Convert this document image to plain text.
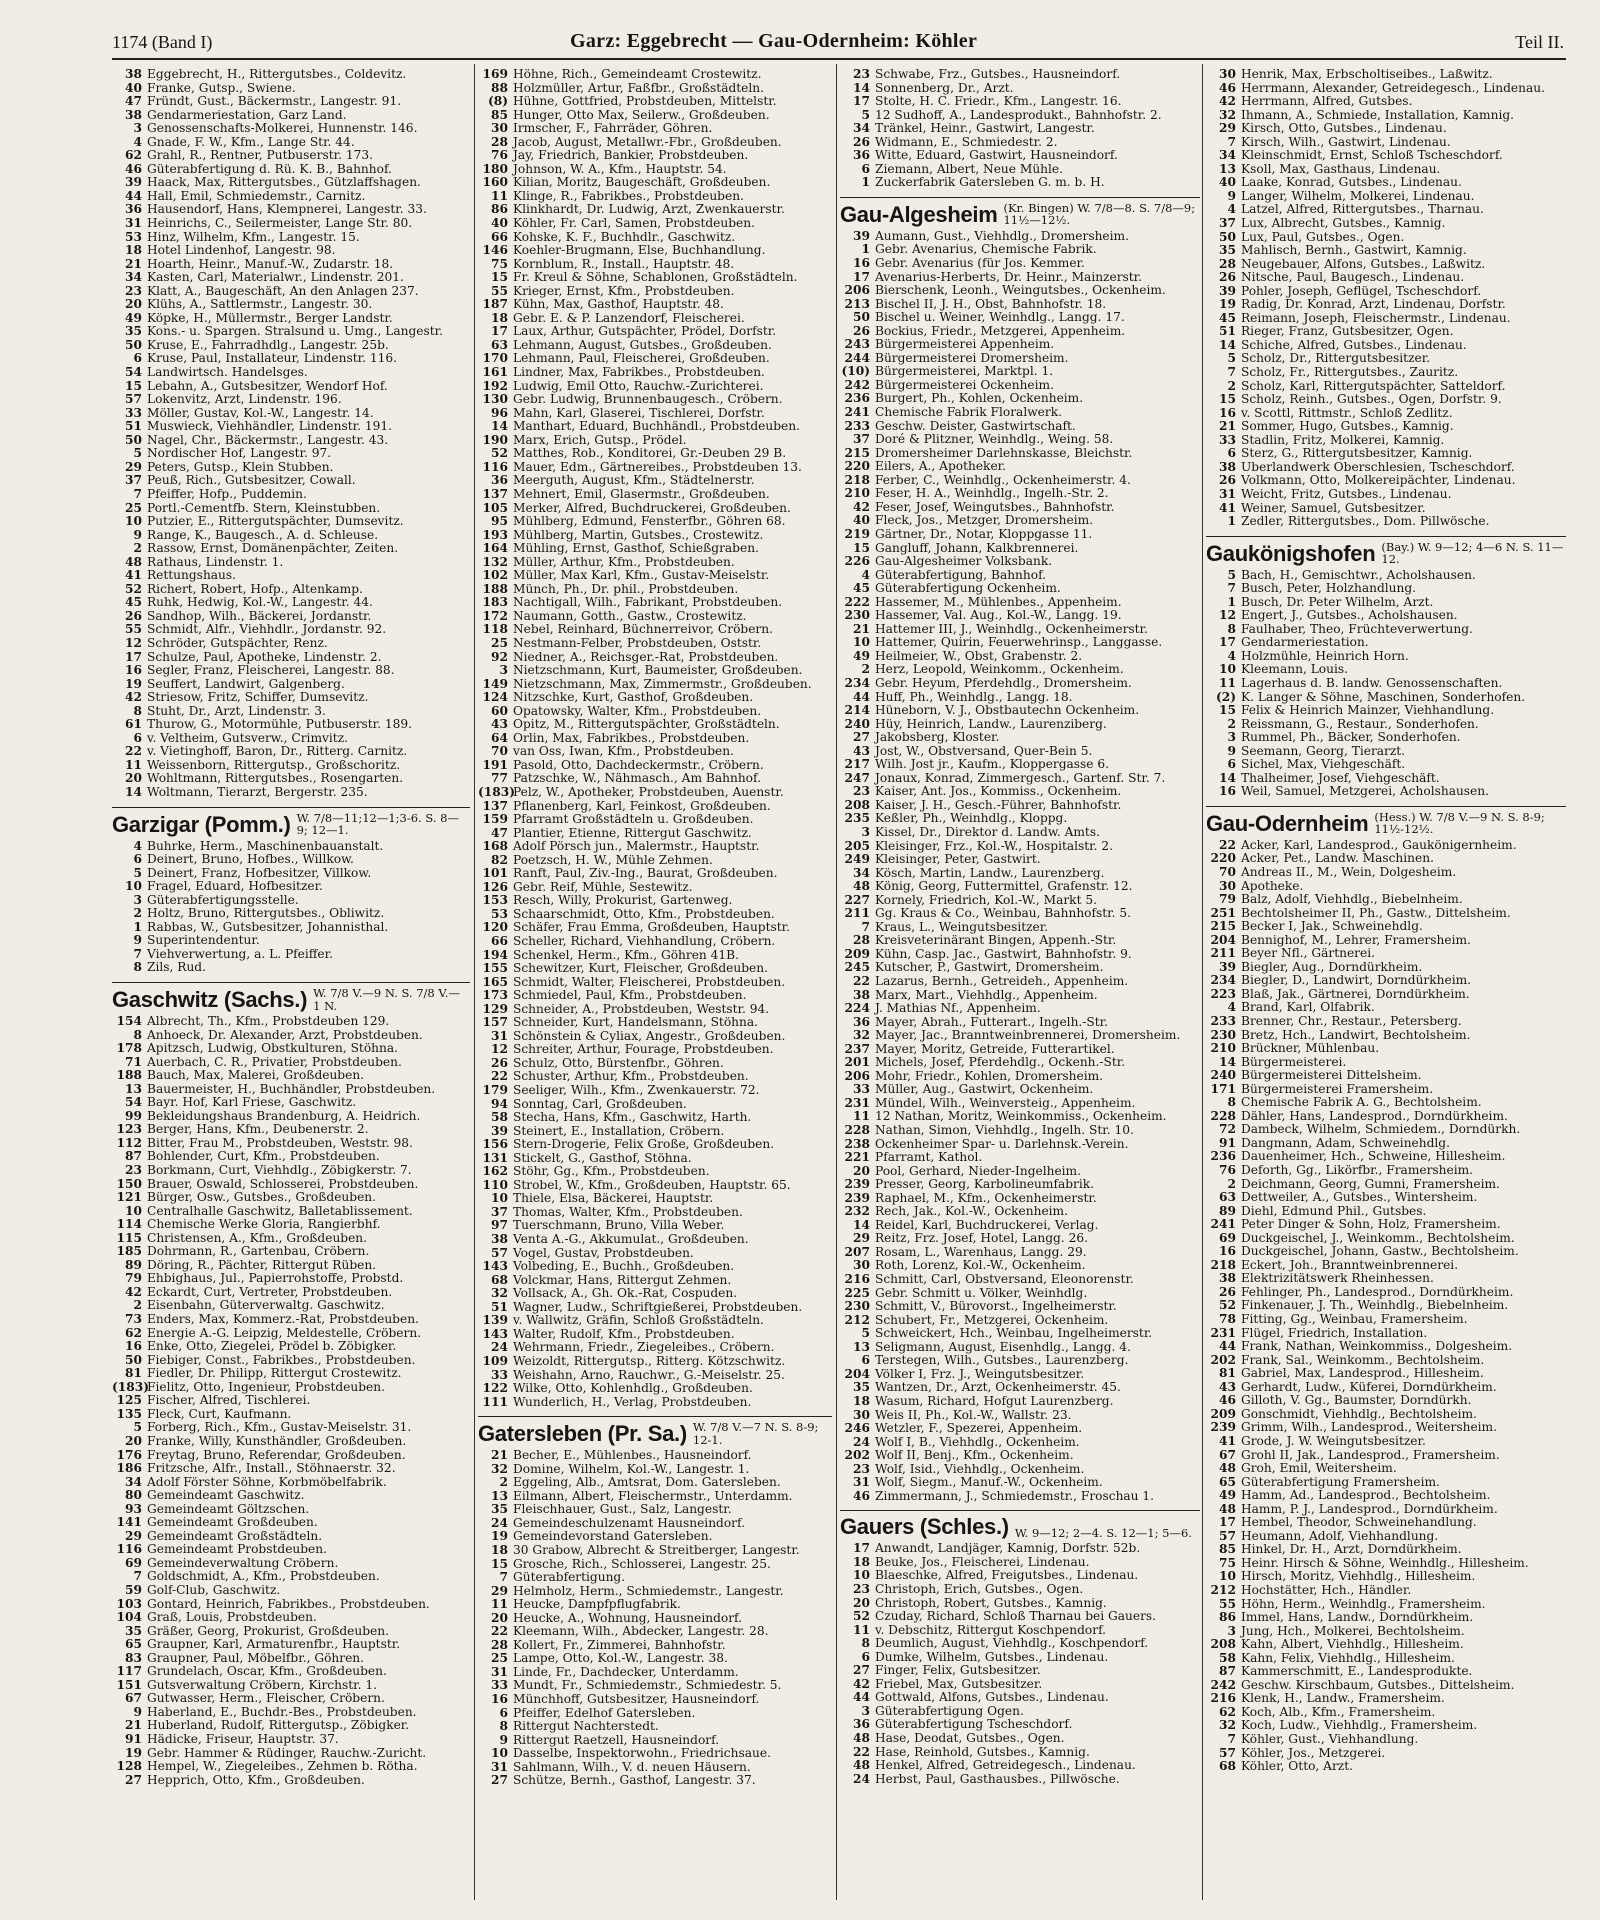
1174 (Band I)	Garz: Eggebrecht — Gau-Odernheim: Köhler	Teil II.
38 Eggebrecht, H., Rittergutsbes., Coldevitz.
40 Franke, Gutsp., Swiene.
47 Fründt, Gust., Bäckermstr., Langestr. 91.
38 Gendarmeriestation, Garz Land.
3 Genossenschafts-Molkerei, Hunnenstr. 146.
4 Gnade, F. W., Kfm., Lange Str. 44.
62 Grahl, R., Rentner, Putbuserstr. 173.
46 Güterabfertigung d. Rü. K. B., Bahnhof.
39 Haack, Max, Rittergutsbes., Gützlaffshagen.
44 Hall, Emil, Schmiedemstr., Carnitz.
36 Hausendorf, Hans, Klempnerei, Langestr. 33.
31 Heinrichs, C., Seilermeister, Lange Str. 80.
53 Hinz, Wilhelm, Kfm., Langestr. 15.
18 Hotel Lindenhof, Langestr. 98.
21 Hoarth, Heinr., Manuf.-W., Zudarstr. 18.
34 Kasten, Carl, Materialwr., Lindenstr. 201.
23 Klatt, A., Baugeschäft, An den Anlagen 237.
20 Klühs, A., Sattlermstr., Langestr. 30.
49 Köpke, H., Müllermstr., Berger Landstr.
35 Kons.- u. Spargen. Stralsund u. Umg., Langestr.
50 Kruse, E., Fahrradhdlg., Langestr. 25b.
6 Kruse, Paul, Installateur, Lindenstr. 116.
54 Landwirtsch. Handelsges.
15 Lebahn, A., Gutsbesitzer, Wendorf Hof.
57 Lokenvitz, Arzt, Lindenstr. 196.
33 Möller, Gustav, Kol.-W., Langestr. 14.
51 Muswieck, Viehhändler, Lindenstr. 191.
50 Nagel, Chr., Bäckermstr., Langestr. 43.
5 Nordischer Hof, Langestr. 97.
29 Peters, Gutsp., Klein Stubben.
37 Peuß, Rich., Gutsbesitzer, Cowall.
7 Pfeiffer, Hofp., Puddemin.
25 Portl.-Cementfb. Stern, Kleinstubben.
10 Putzier, E., Rittergutspächter, Dumsevitz.
9 Range, K., Baugesch., A. d. Schleuse.
2 Rassow, Ernst, Domänenpächter, Zeiten.
48 Rathaus, Lindenstr. 1.
41 Rettungshaus.
52 Richert, Robert, Hofp., Altenkamp.
45 Ruhk, Hedwig, Kol.-W., Langestr. 44.
26 Sandhop, Wilh., Bäckerei, Jordanstr.
55 Schmidt, Alfr., Viehhdlr., Jordanstr. 92.
12 Schröder, Gutspächter, Renz.
17 Schulze, Paul, Apotheke, Lindenstr. 2.
16 Segler, Franz, Fleischerei, Langestr. 88.
19 Seuffert, Landwirt, Galgenberg.
42 Striesow, Fritz, Schiffer, Dumsevitz.
8 Stuht, Dr., Arzt, Lindenstr. 3.
61 Thurow, G., Motormühle, Putbuserstr. 189.
6 v. Veltheim, Gutsverw., Crimvitz.
22 v. Vietinghoff, Baron, Dr., Ritterg. Carnitz.
11 Weissenborn, Rittergutsp., Großschoritz.
20 Wohltmann, Rittergutsbes., Rosengarten.
14 Woltmann, Tierarzt, Bergerstr. 235.
Garzigar (Pomm.) W. 7/8—11;12—1;3-6. S. 8—9; 12—1.
4 Buhrke, Herm., Maschinenbauanstalt.
6 Deinert, Bruno, Hofbes., Willkow.
5 Deinert, Franz, Hofbesitzer, Villkow.
10 Fragel, Eduard, Hofbesitzer.
3 Güterabfertigungsstelle.
2 Holtz, Bruno, Rittergutsbes., Obliwitz.
1 Rabbas, W., Gutsbesitzer, Johannisthal.
9 Superintendentur.
7 Viehverwertung, a. L. Pfeiffer.
8 Zils, Rud.
Gaschwitz (Sachs.) W. 7/8 V.—9 N. S. 7/8 V.— 1 N.
154 Albrecht, Th., Kfm., Probstdeuben 129.
8 Anhoeck, Dr. Alexander, Arzt, Probstdeuben.
178 Apitzsch, Ludwig, Obstkulturen, Stöhna.
71 Auerbach, C. R., Privatier, Probstdeuben.
188 Bauch, Max, Malerei, Großdeuben.
13 Bauermeister, H., Buchhändler, Probstdeuben.
54 Bayr. Hof, Karl Friese, Gaschwitz.
99 Bekleidungshaus Brandenburg, A. Heidrich.
123 Berger, Hans, Kfm., Deubenerstr. 2.
112 Bitter, Frau M., Probstdeuben, Weststr. 98.
87 Bohlender, Curt, Kfm., Probstdeuben.
23 Borkmann, Curt, Viehhdlg., Zöbigkerstr. 7.
150 Brauer, Oswald, Schlosserei, Probstdeuben.
121 Bürger, Osw., Gutsbes., Großdeuben.
10 Centralhalle Gaschwitz, Balletablissement.
114 Chemische Werke Gloria, Rangierbhf.
115 Christensen, A., Kfm., Großdeuben.
185 Dohrmann, R., Gartenbau, Cröbern.
89 Döring, R., Pächter, Rittergut Rüben.
79 Ehbighaus, Jul., Papierrohstoffe, Probstd.
42 Eckardt, Curt, Vertreter, Probstdeuben.
2 Eisenbahn, Güterverwaltg. Gaschwitz.
73 Enders, Max, Kommerz.-Rat, Probstdeuben.
62 Energie A.-G. Leipzig, Meldestelle, Cröbern.
16 Enke, Otto, Ziegelei, Prödel b. Zöbigker.
50 Fiebiger, Const., Fabrikbes., Probstdeuben.
81 Fiedler, Dr. Philipp, Rittergut Crostewitz.
(183)Fielitz, Otto, Ingenieur, Probstdeuben.
125 Fischer, Alfred, Tischlerei.
135 Fleck, Curt, Kaufmann.
5 Forberg, Rich., Kfm., Gustav-Meiselstr. 31.
20 Franke, Willy, Kunsthändler, Großdeuben.
176 Freytag, Bruno, Referendar, Großdeuben.
186 Fritzsche, Alfr., Install., Stöhnaerstr. 32.
34 Adolf Förster Söhne, Korbmöbelfabrik.
80 Gemeindeamt Gaschwitz.
93 Gemeindeamt Göltzschen.
141 Gemeindeamt Großdeuben.
29 Gemeindeamt Großstädteln.
116 Gemeindeamt Probstdeuben.
69 Gemeindeverwaltung Cröbern.
7 Goldschmidt, A., Kfm., Probstdeuben.
59 Golf-Club, Gaschwitz.
103 Gontard, Heinrich, Fabrikbes., Probstdeuben.
104 Graß, Louis, Probstdeuben.
35 Gräßer, Georg, Prokurist, Großdeuben.
65 Graupner, Karl, Armaturenfbr., Hauptstr.
83 Graupner, Paul, Möbelfbr., Göhren.
117 Grundelach, Oscar, Kfm., Großdeuben.
151 Gutsverwaltung Cröbern, Kirchstr. 1.
67 Gutwasser, Herm., Fleischer, Cröbern.
9 Haberland, E., Buchdr.-Bes., Probstdeuben.
21 Huberland, Rudolf, Rittergutsp., Zöbigker.
91 Hädicke, Friseur, Hauptstr. 37.
19 Gebr. Hammer & Rüdinger, Rauchw.-Zuricht.
128 Hempel, W., Ziegeleibes., Zehmen b. Rötha.
27 Hepprich, Otto, Kfm., Großdeuben.
169 Höhne, Rich., Gemeindeamt Crostewitz.
88 Holzmüller, Artur, Faßfbr., Großstädteln.
(8) Hühne, Gottfried, Probstdeuben, Mittelstr.
85 Hunger, Otto Max, Seilerw., Großdeuben.
30 Irmscher, F., Fahrräder, Göhren.
28 Jacob, August, Metallwr.-Fbr., Großdeuben.
76 Jay, Friedrich, Bankier, Probstdeuben.
180 Johnson, W. A., Kfm., Hauptstr. 54.
160 Kilian, Moritz, Baugeschäft, Großdeuben.
11 Klinge, R., Fabrikbes., Probstdeuben.
86 Klinkhardt, Dr. Ludwig, Arzt, Zwenkauerstr.
40 Köhler, Fr. Carl, Samen, Probstdeuben.
66 Kohske, K. F., Buchhdlr., Gaschwitz.
146 Koehler-Brugmann, Else, Buchhandlung.
75 Kornblum, R., Install., Hauptstr. 48.
15 Fr. Kreul & Söhne, Schablonen, Großstädteln.
55 Krieger, Ernst, Kfm., Probstdeuben.
187 Kühn, Max, Gasthof, Hauptstr. 48.
18 Gebr. E. & P. Lanzendorf, Fleischerei.
17 Laux, Arthur, Gutspächter, Prödel, Dorfstr.
63 Lehmann, August, Gutsbes., Großdeuben.
170 Lehmann, Paul, Fleischerei, Großdeuben.
161 Lindner, Max, Fabrikbes., Probstdeuben.
192 Ludwig, Emil Otto, Rauchw.-Zurichterei.
130 Gebr. Ludwig, Brunnenbaugesch., Cröbern.
96 Mahn, Karl, Glaserei, Tischlerei, Dorfstr.
14 Manthart, Eduard, Buchhändl., Probstdeuben.
190 Marx, Erich, Gutsp., Prödel.
52 Matthes, Rob., Konditorei, Gr.-Deuben 29 B.
116 Mauer, Edm., Gärtnereibes., Probstdeuben 13.
36 Meerguth, August, Kfm., Städtelnerstr.
137 Mehnert, Emil, Glasermstr., Großdeuben.
105 Merker, Alfred, Buchdruckerei, Großdeuben.
95 Mühlberg, Edmund, Fensterfbr., Göhren 68.
193 Mühlberg, Martin, Gutsbes., Crostewitz.
164 Mühling, Ernst, Gasthof, Schießgraben.
132 Müller, Arthur, Kfm., Probstdeuben.
102 Müller, Max Karl, Kfm., Gustav-Meiselstr.
188 Münch, Ph., Dr. phil., Probstdeuben.
183 Nachtigall, Wilh., Fabrikant, Probstdeuben.
172 Naumann, Gotth., Gastw., Crostewitz.
118 Nebel, Reinhard, Büchnerreivor, Cröbern.
25 Nestmann-Felber, Probstdeuben, Oststr.
92 Niedner, A., Reichsger.-Rat, Probstdeuben.
3 Nietzschmann, Kurt, Baumeister, Großdeuben.
149 Nietzschmann, Max, Zimmermstr., Großdeuben.
124 Nitzschke, Kurt, Gasthof, Großdeuben.
60 Opatowsky, Walter, Kfm., Probstdeuben.
43 Opitz, M., Rittergutspächter, Großstädteln.
64 Orlin, Max, Fabrikbes., Probstdeuben.
70 van Oss, Iwan, Kfm., Probstdeuben.
191 Pasold, Otto, Dachdeckermstr., Cröbern.
77 Patzschke, W., Nähmasch., Am Bahnhof.
(183)Pelz, W., Apotheker, Probstdeuben, Auenstr.
137 Pflanenberg, Karl, Feinkost, Großdeuben.
159 Pfarramt Großstädteln u. Großdeuben.
47 Plantier, Etienne, Rittergut Gaschwitz.
168 Adolf Pörsch jun., Malermstr., Hauptstr.
82 Poetzsch, H. W., Mühle Zehmen.
101 Ranft, Paul, Ziv.-Ing., Baurat, Großdeuben.
126 Gebr. Reif, Mühle, Sestewitz.
153 Resch, Willy, Prokurist, Gartenweg.
53 Schaarschmidt, Otto, Kfm., Probstdeuben.
120 Schäfer, Frau Emma, Großdeuben, Hauptstr.
66 Scheller, Richard, Viehhandlung, Cröbern.
194 Schenkel, Herm., Kfm., Göhren 41B.
155 Schewitzer, Kurt, Fleischer, Großdeuben.
165 Schmidt, Walter, Fleischerei, Probstdeuben.
173 Schmiedel, Paul, Kfm., Probstdeuben.
129 Schneider, A., Probstdeuben, Weststr. 94.
157 Schneider, Kurt, Handelsmann, Stöhna.
31 Schönstein & Cyliax, Angestr., Großdeuben.
12 Schreiter, Arthur, Fourage, Probstdeuben.
26 Schulz, Otto, Bürstenfbr., Göhren.
22 Schuster, Arthur, Kfm., Probstdeuben.
179 Seeliger, Wilh., Kfm., Zwenkauerstr. 72.
94 Sonntag, Carl, Großdeuben.
58 Stecha, Hans, Kfm., Gaschwitz, Harth.
39 Steinert, E., Installation, Cröbern.
156 Stern-Drogerie, Felix Große, Großdeuben.
131 Stickelt, G., Gasthof, Stöhna.
162 Stöhr, Gg., Kfm., Probstdeuben.
110 Strobel, W., Kfm., Großdeuben, Hauptstr. 65.
10 Thiele, Elsa, Bäckerei, Hauptstr.
37 Thomas, Walter, Kfm., Probstdeuben.
97 Tuerschmann, Bruno, Villa Weber.
38 Venta A.-G., Akkumulat., Großdeuben.
57 Vogel, Gustav, Probstdeuben.
143 Volbeding, E., Buchh., Großdeuben.
68 Volckmar, Hans, Rittergut Zehmen.
32 Vollsack, A., Gh. Ök.-Rat, Cospuden.
51 Wagner, Ludw., Schriftgießerei, Probstdeuben.
139 v. Wallwitz, Gräfin, Schloß Großstädteln.
143 Walter, Rudolf, Kfm., Probstdeuben.
24 Wehrmann, Friedr., Ziegeleibes., Cröbern.
109 Weizoldt, Rittergutsp., Ritterg. Kötzschwitz.
33 Weishahn, Arno, Rauchwr., G.-Meiselstr. 25.
122 Wilke, Otto, Kohlenhdlg., Großdeuben.
111 Wunderlich, H., Verlag, Probstdeuben.
Gatersleben (Pr. Sa.) W. 7/8 V.—7 N. S. 8-9; 12-1.
21 Becher, E., Mühlenbes., Hausneindorf.
32 Domine, Wilhelm, Kol.-W., Langestr. 1.
2 Eggeling, Alb., Amtsrat, Dom. Gatersleben.
13 Eilmann, Albert, Fleischermstr., Unterdamm.
35 Fleischhauer, Gust., Salz, Langestr.
24 Gemeindeschulzenamt Hausneindorf.
19 Gemeindevorstand Gatersleben.
18 30 Grabow, Albrecht & Streitberger, Langestr.
15 Grosche, Rich., Schlosserei, Langestr. 25.
7 Güterabfertigung.
29 Helmholz, Herm., Schmiedemstr., Langestr.
11 Heucke, Dampfpflugfabrik.
20 Heucke, A., Wohnung, Hausneindorf.
22 Kleemann, Wilh., Abdecker, Langestr. 28.
28 Kollert, Fr., Zimmerei, Bahnhofstr.
25 Lampe, Otto, Kol.-W., Langestr. 38.
31 Linde, Fr., Dachdecker, Unterdamm.
33 Mundt, Fr., Schmiedemstr., Schmiedestr. 5.
16 Münchhoff, Gutsbesitzer, Hausneindorf.
6 Pfeiffer, Edelhof Gatersleben.
8 Rittergut Nachterstedt.
9 Rittergut Raetzell, Hausneindorf.
10 Dasselbe, Inspektorwohn., Friedrichsaue.
31 Sahlmann, Wilh., V. d. neuen Häusern.
27 Schütze, Bernh., Gasthof, Langestr. 37.
23 Schwabe, Frz., Gutsbes., Hausneindorf.
14 Sonnenberg, Dr., Arzt.
17 Stolte, H. C. Friedr., Kfm., Langestr. 16.
5 12 Sudhoff, A., Landesprodukt., Bahnhofstr. 2.
34 Tränkel, Heinr., Gastwirt, Langestr.
26 Widmann, E., Schmiedestr. 2.
36 Witte, Eduard, Gastwirt, Hausneindorf.
6 Ziemann, Albert, Neue Mühle.
1 Zuckerfabrik Gatersleben G. m. b. H.
Gau-Algesheim (Kr. Bingen) W. 7/8—8. S. 7/8—9; 11½—12½.
39 Aumann, Gust., Viehhdlg., Dromersheim.
1 Gebr. Avenarius, Chemische Fabrik.
16 Gebr. Avenarius (für Jos. Kemmer.
17 Avenarius-Herberts, Dr. Heinr., Mainzerstr.
206 Bierschenk, Leonh., Weingutsbes., Ockenheim.
213 Bischel II, J. H., Obst, Bahnhofstr. 18.
50 Bischel u. Weiner, Weinhdlg., Langg. 17.
26 Bockius, Friedr., Metzgerei, Appenheim.
243 Bürgermeisterei Appenheim.
244 Bürgermeisterei Dromersheim.
(10) Bürgermeisterei, Marktpl. 1.
242 Bürgermeisterei Ockenheim.
236 Burgert, Ph., Kohlen, Ockenheim.
241 Chemische Fabrik Floralwerk.
233 Geschw. Deister, Gastwirtschaft.
37 Doré & Plitzner, Weinhdlg., Weing. 58.
215 Dromersheimer Darlehnskasse, Bleichstr.
220 Eilers, A., Apotheker.
218 Ferber, C., Weinhdlg., Ockenheimerstr. 4.
210 Feser, H. A., Weinhdlg., Ingelh.-Str. 2.
42 Feser, Josef, Weingutsbes., Bahnhofstr.
40 Fleck, Jos., Metzger, Dromersheim.
219 Gärtner, Dr., Notar, Kloppgasse 11.
15 Gangluff, Johann, Kalkbrennerei.
226 Gau-Algesheimer Volksbank.
4 Güterabfertigung, Bahnhof.
45 Güterabfertigung Ockenheim.
222 Hassemer, M., Mühlenbes., Appenheim.
230 Hassemer, Val. Aug., Kol.-W., Langg. 19.
21 Hattemer III, J., Weinhdlg., Ockenheimerstr.
10 Hattemer, Quirin, Feuerwehrinsp., Langgasse.
49 Heilmeier, W., Obst, Grabenstr. 2.
2 Herz, Leopold, Weinkomm., Ockenheim.
234 Gebr. Heyum, Pferdehdlg., Dromersheim.
44 Huff, Ph., Weinhdlg., Langg. 18.
214 Hüneborn, V. J., Obstbautechn Ockenheim.
240 Hüy, Heinrich, Landw., Laurenziberg.
27 Jakobsberg, Kloster.
43 Jost, W., Obstversand, Quer-Bein 5.
217 Wilh. Jost jr., Kaufm., Kloppergasse 6.
247 Jonaux, Konrad, Zimmergesch., Gartenf. Str. 7.
23 Kaiser, Ant. Jos., Kommiss., Ockenheim.
208 Kaiser, J. H., Gesch.-Führer, Bahnhofstr.
235 Keßler, Ph., Weinhdlg., Kloppg.
3 Kissel, Dr., Direktor d. Landw. Amts.
205 Kleisinger, Frz., Kol.-W., Hospitalstr. 2.
249 Kleisinger, Peter, Gastwirt.
34 Kösch, Martin, Landw., Laurenzberg.
48 König, Georg, Futtermittel, Grafenstr. 12.
227 Kornely, Friedrich, Kol.-W., Markt 5.
211 Gg. Kraus & Co., Weinbau, Bahnhofstr. 5.
7 Kraus, L., Weingutsbesitzer.
28 Kreisveterinärant Bingen, Appenh.-Str.
209 Kühn, Casp. Jac., Gastwirt, Bahnhofstr. 9.
245 Kutscher, P., Gastwirt, Dromersheim.
22 Lazarus, Bernh., Getreideh., Appenheim.
38 Marx, Mart., Viehhdlg., Appenheim.
224 J. Mathias Nf., Appenheim.
36 Mayer, Abrah., Futterart., Ingelh.-Str.
32 Mayer, Jac., Branntweinbrennerei, Dromersheim.
237 Mayer, Moritz, Getreide, Futterartikel.
201 Michels, Josef, Pferdehdlg., Ockenh.-Str.
206 Mohr, Friedr., Kohlen, Dromersheim.
33 Müller, Aug., Gastwirt, Ockenheim.
231 Mündel, Wilh., Weinversteig., Appenheim.
11 12 Nathan, Moritz, Weinkommiss., Ockenheim.
228 Nathan, Simon, Viehhdlg., Ingelh. Str. 10.
238 Ockenheimer Spar- u. Darlehnsk.-Verein.
221 Pfarramt, Kathol.
20 Pool, Gerhard, Nieder-Ingelheim.
239 Presser, Georg, Karbolineumfabrik.
239 Raphael, M., Kfm., Ockenheimerstr.
232 Rech, Jak., Kol.-W., Ockenheim.
14 Reidel, Karl, Buchdruckerei, Verlag.
29 Reitz, Frz. Josef, Hotel, Langg. 26.
207 Rosam, L., Warenhaus, Langg. 29.
30 Roth, Lorenz, Kol.-W., Ockenheim.
216 Schmitt, Carl, Obstversand, Eleonorenstr.
225 Gebr. Schmitt u. Völker, Weinhdlg.
230 Schmitt, V., Bürovorst., Ingelheimerstr.
212 Schubert, Fr., Metzgerei, Ockenheim.
5 Schweickert, Hch., Weinbau, Ingelheimerstr.
13 Seligmann, August, Eisenhdlg., Langg. 4.
6 Terstegen, Wilh., Gutsbes., Laurenzberg.
204 Völker I, Frz. J., Weingutsbesitzer.
35 Wantzen, Dr., Arzt, Ockenheimerstr. 45.
18 Wasum, Richard, Hofgut Laurenzberg.
30 Weis II, Ph., Kol.-W., Wallstr. 23.
246 Wetzler, F., Spezerei, Appenheim.
24 Wolf I, B., Viehhdlg., Ockenheim.
202 Wolf II, Benj., Kfm., Ockenheim.
23 Wolf, Isid., Viehhdlg., Ockenheim.
31 Wolf, Siegm., Manuf.-W., Ockenheim.
46 Zimmermann, J., Schmiedemstr., Froschau 1.
Gauers (Schles.) W. 9—12; 2—4. S. 12—1; 5—6.
17 Anwandt, Landjäger, Kamnig, Dorfstr. 52b.
18 Beuke, Jos., Fleischerei, Lindenau.
10 Blaeschke, Alfred, Freigutsbes., Lindenau.
23 Christoph, Erich, Gutsbes., Ogen.
20 Christoph, Robert, Gutsbes., Kamnig.
52 Czuday, Richard, Schloß Tharnau bei Gauers.
11 v. Debschitz, Rittergut Koschpendorf.
8 Deumlich, August, Viehhdlg., Koschpendorf.
6 Dumke, Wilhelm, Gutsbes., Lindenau.
27 Finger, Felix, Gutsbesitzer.
42 Friebel, Max, Gutsbesitzer.
44 Gottwald, Alfons, Gutsbes., Lindenau.
3 Güterabfertigung Ogen.
36 Güterabfertigung Tscheschdorf.
48 Hase, Deodat, Gutsbes., Ogen.
22 Hase, Reinhold, Gutsbes., Kamnig.
48 Henkel, Alfred, Getreidegesch., Lindenau.
24 Herbst, Paul, Gasthausbes., Pillwösche.
30 Henrik, Max, Erbscholtiseibes., Laßwitz.
46 Herrmann, Alexander, Getreidegesch., Lindenau.
42 Herrmann, Alfred, Gutsbes.
32 Ihmann, A., Schmiede, Installation, Kamnig.
29 Kirsch, Otto, Gutsbes., Lindenau.
7 Kirsch, Wilh., Gastwirt, Lindenau.
34 Kleinschmidt, Ernst, Schloß Tscheschdorf.
13 Ksoll, Max, Gasthaus, Lindenau.
40 Laake, Konrad, Gutsbes., Lindenau.
9 Langer, Wilhelm, Molkerei, Lindenau.
4 Latzel, Alfred, Rittergutsbes., Tharnau.
37 Lux, Albrecht, Gutsbes., Kamnig.
50 Lux, Paul, Gutsbes., Ogen.
35 Mahlisch, Bernh., Gastwirt, Kamnig.
28 Neugebauer, Alfons, Gutsbes., Laßwitz.
26 Nitsche, Paul, Baugesch., Lindenau.
39 Pohler, Joseph, Geflügel, Tscheschdorf.
19 Radig, Dr. Konrad, Arzt, Lindenau, Dorfstr.
45 Reimann, Joseph, Fleischermstr., Lindenau.
51 Rieger, Franz, Gutsbesitzer, Ogen.
14 Schiche, Alfred, Gutsbes., Lindenau.
5 Scholz, Dr., Rittergutsbesitzer.
7 Scholz, Fr., Rittergutsbes., Zauritz.
2 Scholz, Karl, Rittergutspächter, Satteldorf.
15 Scholz, Reinh., Gutsbes., Ogen, Dorfstr. 9.
16 v. Scottl, Rittmstr., Schloß Zedlitz.
21 Sommer, Hugo, Gutsbes., Kamnig.
33 Stadlin, Fritz, Molkerei, Kamnig.
6 Sterz, G., Rittergutsbesitzer, Kamnig.
38 Überlandwerk Oberschlesien, Tscheschdorf.
26 Volkmann, Otto, Molkereipächter, Lindenau.
31 Weicht, Fritz, Gutsbes., Lindenau.
41 Weiner, Samuel, Gutsbesitzer.
1 Zedler, Rittergutsbes., Dom. Pillwösche.
Gaukönigshofen (Bay.) W. 9—12; 4—6 N. S. 11—12.
5 Bach, H., Gemischtwr., Acholshausen.
7 Busch, Peter, Holzhandlung.
1 Busch, Dr. Peter Wilhelm, Arzt.
12 Engert, J., Gutsbes., Acholshausen.
8 Faulhaber, Theo, Früchteverwertung.
17 Gendarmeriestation.
4 Holzmühle, Heinrich Horn.
10 Kleemann, Louis.
11 Lagerhaus d. B. landw. Genossenschaften.
(2) K. Langer & Söhne, Maschinen, Sonderhofen.
15 Felix & Heinrich Mainzer, Viehhandlung.
2 Reissmann, G., Restaur., Sonderhofen.
3 Rummel, Ph., Bäcker, Sonderhofen.
9 Seemann, Georg, Tierarzt.
6 Sichel, Max, Viehgeschäft.
14 Thalheimer, Josef, Viehgeschäft.
16 Weil, Samuel, Metzgerei, Acholshausen.
Gau-Odernheim (Hess.) W. 7/8 V.—9 N. S. 8-9; 11½-12½.
22 Acker, Karl, Landesprod., Gaukönigernheim.
220 Acker, Pet., Landw. Maschinen.
70 Andreas II., M., Wein, Dolgesheim.
30 Apotheke.
79 Balz, Adolf, Viehhdlg., Biebelnheim.
251 Bechtolsheimer II, Ph., Gastw., Dittelsheim.
215 Becker I, Jak., Schweinehdlg.
204 Bennighof, M., Lehrer, Framersheim.
211 Beyer Nfl., Gärtnerei.
39 Biegler, Aug., Dorndürkheim.
234 Biegler, D., Landwirt, Dorndürkheim.
223 Blaß, Jak., Gärtnerei, Dorndürkheim.
4 Brand, Karl, Ölfabrik.
233 Brenner, Chr., Restaur., Petersberg.
230 Bretz, Hch., Landwirt, Bechtolsheim.
210 Brückner, Mühlenbau.
14 Bürgermeisterei.
240 Bürgermeisterei Dittelsheim.
171 Bürgermeisterei Framersheim.
8 Chemische Fabrik A. G., Bechtolsheim.
228 Dähler, Hans, Landesprod., Dorndürkheim.
72 Dambeck, Wilhelm, Schmiedem., Dorndürkh.
91 Dangmann, Adam, Schweinehdlg.
236 Dauenheimer, Hch., Schweine, Hillesheim.
76 Deforth, Gg., Likörfbr., Framersheim.
2 Deichmann, Georg, Gumni, Framersheim.
63 Dettweiler, A., Gutsbes., Wintersheim.
89 Diehl, Edmund Phil., Gutsbes.
241 Peter Dinger & Sohn, Holz, Framersheim.
69 Duckgeischel, J., Weinkomm., Bechtolsheim.
16 Duckgeischel, Johann, Gastw., Bechtolsheim.
218 Eckert, Joh., Branntweinbrennerei.
38 Elektrizitätswerk Rheinhessen.
26 Fehlinger, Ph., Landesprod., Dorndürkheim.
52 Finkenauer, J. Th., Weinhdlg., Biebelnheim.
78 Fitting, Gg., Weinbau, Framersheim.
231 Flügel, Friedrich, Installation.
44 Frank, Nathan, Weinkommiss., Dolgesheim.
202 Frank, Sal., Weinkomm., Bechtolsheim.
81 Gabriel, Max, Landesprod., Hillesheim.
43 Gerhardt, Ludw., Küferei, Dorndürkheim.
46 Gilloth, V. Gg., Baumster, Dorndürkh.
209 Gonschmidt, Viehhdlg., Bechtolsheim.
239 Grimm, Wilh., Landesprod., Weitersheim.
41 Grode, J. W. Weingutsbesitzer.
67 Grohl II, Jak., Landesprod., Framersheim.
48 Groh, Emil, Weitersheim.
65 Güterabfertigung Framersheim.
49 Hamm, Ad., Landesprod., Bechtolsheim.
48 Hamm, P. J., Landesprod., Dorndürkheim.
17 Hembel, Theodor, Schweinehandlung.
57 Heumann, Adolf, Viehhandlung.
85 Hinkel, Dr. H., Arzt, Dorndürkheim.
75 Heinr. Hirsch & Söhne, Weinhdlg., Hillesheim.
10 Hirsch, Moritz, Viehhdlg., Hillesheim.
212 Hochstätter, Hch., Händler.
55 Höhn, Herm., Weinhdlg., Framersheim.
86 Immel, Hans, Landw., Dorndürkheim.
3 Jung, Hch., Molkerei, Bechtolsheim.
208 Kahn, Albert, Viehhdlg., Hillesheim.
58 Kahn, Felix, Viehhdlg., Hillesheim.
87 Kammerschmitt, E., Landesprodukte.
242 Geschw. Kirschbaum, Gutsbes., Dittelsheim.
216 Klenk, H., Landw., Framersheim.
62 Koch, Alb., Kfm., Framersheim.
32 Koch, Ludw., Viehhdlg., Framersheim.
7 Köhler, Gust., Viehhandlung.
57 Köhler, Jos., Metzgerei.
68 Köhler, Otto, Arzt.
